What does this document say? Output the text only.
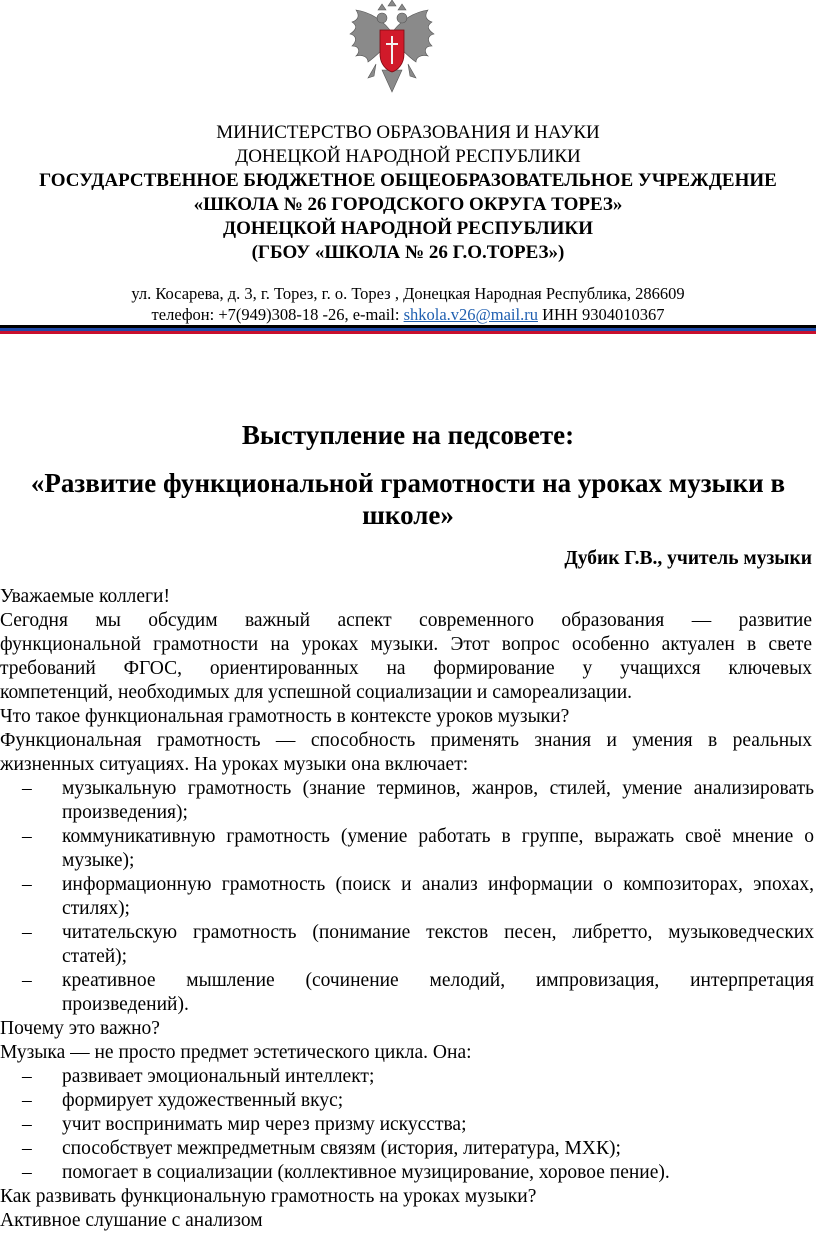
МИНИСТЕРСТВО ОБРАЗОВАНИЯ И НАУКИ
ДОНЕЦКОЙ НАРОДНОЙ РЕСПУБЛИКИ
ГОСУДАРСТВЕННОЕ БЮДЖЕТНОЕ ОБЩЕОБРАЗОВАТЕЛЬНОЕ УЧРЕЖДЕНИЕ
«ШКОЛА № 26 ГОРОДСКОГО ОКРУГА ТОРЕЗ»
ДОНЕЦКОЙ НАРОДНОЙ РЕСПУБЛИКИ
(ГБОУ «ШКОЛА № 26 Г.О.ТОРЕЗ»)
ул. Косарева, д. 3, г. Торез, г. о. Торез , Донецкая Народная Республика, 286609
телефон: +7(949)308-18 -26, e-mail: shkola.v26@mail.ru ИНН 9304010367
Выступление на педсовете:
«Развитие функциональной грамотности на уроках музыки в
школе»
Дубик Г.В., учитель музыки
Уважаемые коллеги!
Сегодня мы обсудим важный аспект современного образования — развитие
функциональной грамотности на уроках музыки. Этот вопрос особенно актуален в свете
требований ФГОС, ориентированных на формирование у учащихся ключевых
компетенций, необходимых для успешной социализации и самореализации.
Что такое функциональная грамотность в контексте уроков музыки?
Функциональная грамотность — способность применять знания и умения в реальных
жизненных ситуациях. На уроках музыки она включает:
музыкальную грамотность (знание терминов, жанров, стилей, умение анализировать
–
произведения);
коммуникативную грамотность (умение работать в группе, выражать своё мнение о
–
музыке);
информационную грамотность (поиск и анализ информации о композиторах, эпохах,
–
стилях);
читательскую грамотность (понимание текстов песен, либретто, музыковедческих
–
статей);
креативное мышление (сочинение мелодий, импровизация, интерпретация
–
произведений).
Почему это важно?
Музыка — не просто предмет эстетического цикла. Она:
развивает эмоциональный интеллект;
–
формирует художественный вкус;
–
учит воспринимать мир через призму искусства;
–
способствует межпредметным связям (история, литература, МХК);
–
помогает в социализации (коллективное музицирование, хоровое пение).
–
Как развивать функциональную грамотность на уроках музыки?
Активное слушание с анализом
